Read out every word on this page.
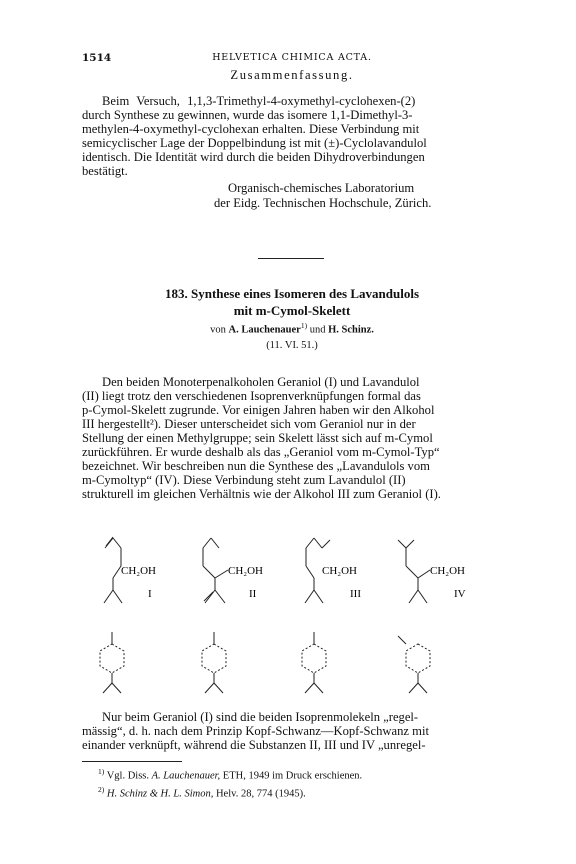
1514	HELVETICA CHIMICA ACTA.
Zusammenfassung.

Beim Versuch, 1,1,3-Trimethyl-4-oxymethyl-cyclohexen-(2)

durch Synthese zu gewinnen, wurde das isomere 1,1-Dimethyl-3-

methylen-4-oxymethyl-cyclohexan erhalten. Diese Verbindung mit

semicyclischer Lage der Doppelbindung ist mit (±)-Cyclolavandulol

identisch. Die Identität wird durch die beiden Dihydroverbindungen

bestätigt.

Organisch-chemisches Laboratorium
der Eidg. Technischen Hochschule, Zürich.
183. Synthese eines Isomeren des Lavandulols
mit m-Cymol-Skelett
von A. Lauchenauer$^{1)}$ und H. Schinz.
(11. VI. 51.)

Den beiden Monoterpenalkoholen Geraniol (I) und Lavandulol

(II) liegt trotz den verschiedenen Isoprenverknüpfungen formal das

p-Cymol-Skelett zugrunde. Vor einigen Jahren haben wir den Alkohol

III hergestellt²). Dieser unterscheidet sich vom Geraniol nur in der

Stellung der einen Methylgruppe; sein Skelett lässt sich auf m-Cymol

zurückführen. Er wurde deshalb als das „Geraniol vom m-Cymol-Typ“

bezeichnet. Wir beschreiben nun die Synthese des „Lavandulols vom

m-Cymoltyp“ (IV). Diese Verbindung steht zum Lavandulol (II)

strukturell im gleichen Verhältnis wie der Alkohol III zum Geraniol (I).

CH₂OH	CH₂OH	CH₂OH	CH₂OH
I	II	III	IV

Nur beim Geraniol (I) sind die beiden Isoprenmolekeln „regel-

mässig“, d. h. nach dem Prinzip Kopf-Schwanz—Kopf-Schwanz mit

einander verknüpft, während die Substanzen II, III und IV „unregel-

$^{1)}$ Vgl. Diss. A. Lauchenauer, ETH, 1949 im Druck erschienen.
$^{2)}$ H. Schinz & H. L. Simon, Helv. 28, 774 (1945).
